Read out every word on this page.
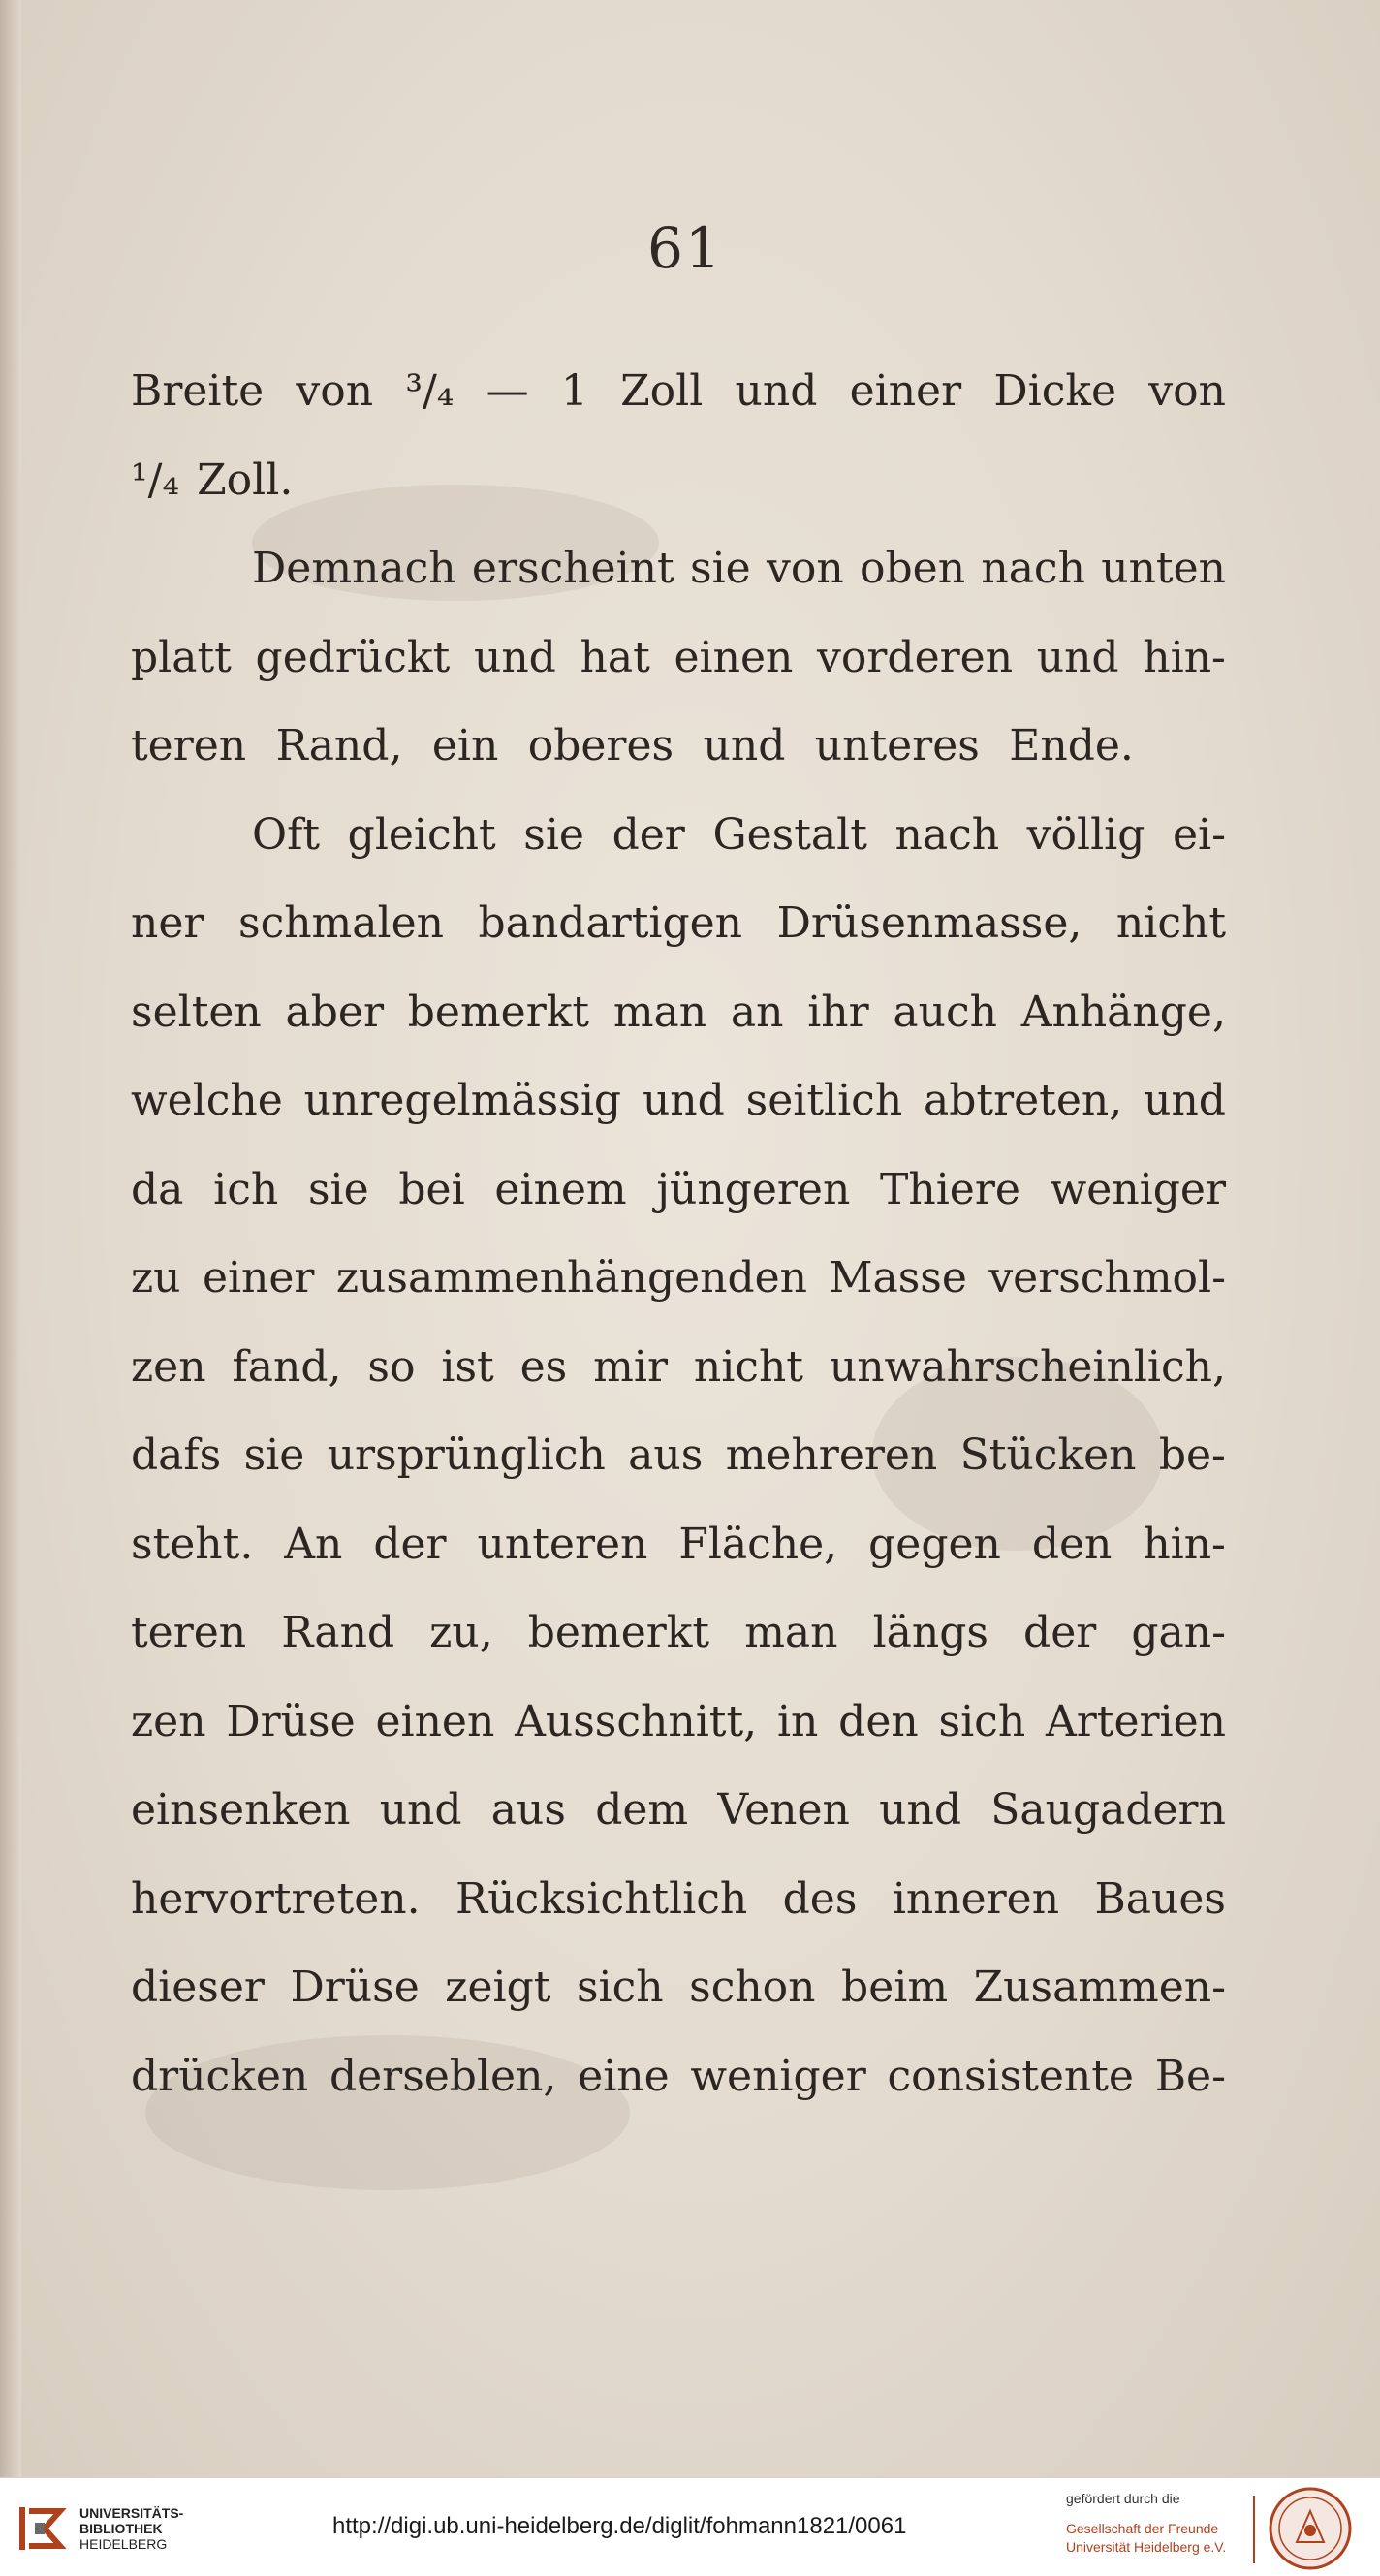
61
Breite von ³/₄ — 1 Zoll und einer Dicke von
¹/₄ Zoll.
Demnach erscheint sie von oben nach unten
platt gedrückt und hat einen vorderen und hin-
teren Rand, ein oberes und unteres Ende.
Oft gleicht sie der Gestalt nach völlig ei-
ner schmalen bandartigen Drüsenmasse, nicht
selten aber bemerkt man an ihr auch Anhänge,
welche unregelmässig und seitlich abtreten, und
da ich sie bei einem jüngeren Thiere weniger
zu einer zusammenhängenden Masse verschmol-
zen fand, so ist es mir nicht unwahrscheinlich,
dafs sie ursprünglich aus mehreren Stücken be-
steht. An der unteren Fläche, gegen den hin-
teren Rand zu, bemerkt man längs der gan-
zen Drüse einen Ausschnitt, in den sich Arterien
einsenken und aus dem Venen und Saugadern
hervortreten. Rücksichtlich des inneren Baues
dieser Drüse zeigt sich schon beim Zusammen-
drücken derseblen, eine weniger consistente Be-
UNIVERSITÄTS-
BIBLIOTHEK
HEIDELBERG
http://digi.ub.uni-heidelberg.de/diglit/fohmann1821/0061
gefördert durch die
Gesellschaft der Freunde
Universität Heidelberg e.V.
